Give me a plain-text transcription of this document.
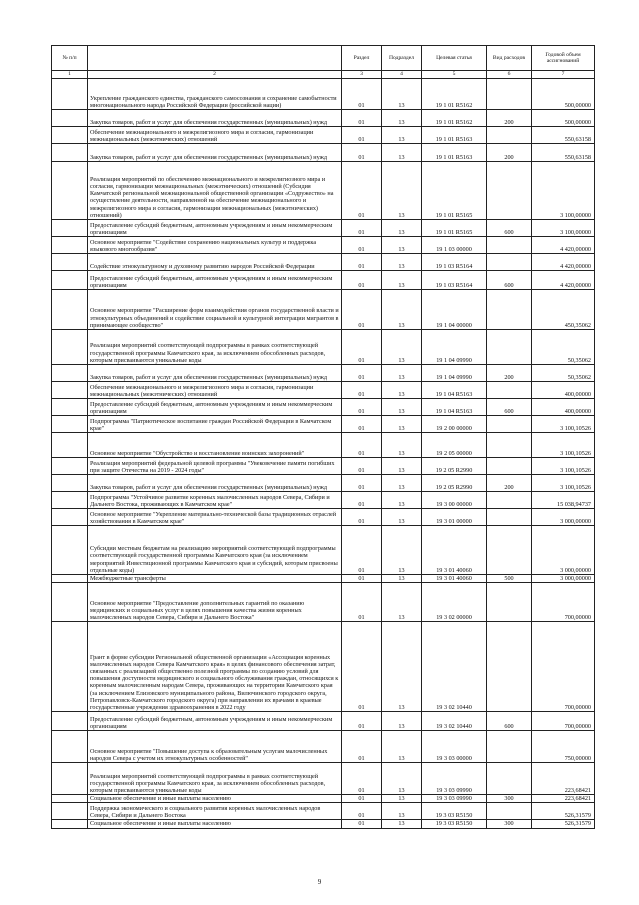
№ п/п		Раздел	Подраздел	Целевая статья	Вид расходов	Годовой объем ассигнований
1	2	3	4	5	6	7
	Укрепление гражданского единства, гражданского самосознания и сохранение самобытности многонационального народа Российской Федерации (российской нации)	01	13	19 1 01 R5162		500,00000
	Закупка товаров, работ и услуг для обеспечения государственных (муниципальных) нужд	01	13	19 1 01 R5162	200	500,00000
	Обеспечение межнационального и межрелигиозного мира и согласия, гармонизации межнациональных (межэтнических) отношений	01	13	19 1 01 R5163		550,63158
	Закупка товаров, работ и услуг для обеспечения государственных (муниципальных) нужд	01	13	19 1 01 R5163	200	550,63158
	Реализация мероприятий по обеспечению межнационального и межрелигиозного мира и согласия, гармонизации межнациональных (межэтнических) отношений (Субсидия Камчатской региональной межнациональной общественной организации «Содружество» на осуществление деятельности, направленной на обеспечение межнационального и межрелигиозного мира и согласия, гармонизации межнациональных (межэтнических) отношений)	01	13	19 1 01 R5165		3 100,00000
	Предоставление субсидий бюджетным, автономным учреждениям и иным некоммерческим организациям	01	13	19 1 01 R5165	600	3 100,00000
	Основное мероприятие "Содействие сохранению национальных культур и поддержка языкового многообразия"	01	13	19 1 03 00000		4 420,00000
	Содействие этнокультурному и духовному развитию народов Российской Федерации	01	13	19 1 03 R5164		4 420,00000
	Предоставление субсидий бюджетным, автономным учреждениям и иным некоммерческим организациям	01	13	19 1 03 R5164	600	4 420,00000
	Основное мероприятие "Расширение форм взаимодействия органов государственной власти и этнокультурных объединений и содействие социальной и культурной интеграции мигрантов в принимающее сообщество"	01	13	19 1 04 00000		450,35062
	Реализация мероприятий соответствующей подпрограммы в рамках соответствующей государственной программы Камчатского края, за исключением обособленных расходов, которым присваиваются уникальные коды	01	13	19 1 04 09990		50,35062
	Закупка товаров, работ и услуг для обеспечения государственных (муниципальных) нужд	01	13	19 1 04 09990	200	50,35062
	Обеспечение межнационального и межрелигиозного мира и согласия, гармонизации межнациональных (межэтнических) отношений	01	13	19 1 04 R5163		400,00000
	Предоставление субсидий бюджетным, автономным учреждениям и иным некоммерческим организациям	01	13	19 1 04 R5163	600	400,00000
	Подпрограмма "Патриотическое воспитание граждан Российской Федерации в Камчатском крае"	01	13	19 2 00 00000		3 100,10526
	Основное мероприятие "Обустройство и восстановление воинских захоронений"	01	13	19 2 05 00000		3 100,10526
	Реализация мероприятий федеральной целевой программы "Увековечение памяти погибших при защите Отечества на 2019 - 2024 годы"	01	13	19 2 05 R2990		3 100,10526
	Закупка товаров, работ и услуг для обеспечения государственных (муниципальных) нужд	01	13	19 2 05 R2990	200	3 100,10526
	Подпрограмма "Устойчивое развитие коренных малочисленных народов Севера, Сибири и Дальнего Востока, проживающих в Камчатском крае"	01	13	19 3 00 00000		15 038,94737
	Основное мероприятие "Укрепление материально-технической базы традиционных отраслей хозяйствования в Камчатском крае"	01	13	19 3 01 00000		3 000,00000
	Субсидии местным бюджетам на реализацию мероприятий соответствующей подпрограммы соответствующей государственной программы Камчатского края (за исключением мероприятий Инвестиционной программы Камчатского края и субсидий, которым присвоены отдельные коды)	01	13	19 3 01 40060		3 000,00000
	Межбюджетные трансферты	01	13	19 3 01 40060	500	3 000,00000
	Основное мероприятие "Предоставление дополнительных гарантий по оказанию медицинских и социальных услуг в целях повышения качества жизни коренных малочисленных народов Севера, Сибири и Дальнего Востока"	01	13	19 3 02 00000		700,00000
	Грант в форме субсидии Региональной общественной организации «Ассоциация коренных малочисленных народов Севера Камчатского края» в целях финансового обеспечения затрат, связанных с реализацией общественно полезной программы по созданию условий для повышения доступности медицинского и социального обслуживания граждан, относящихся к коренным малочисленным народам Севера, проживающих на территории Камчатского края (за исключением Елизовского муниципального района, Вилючинского городского округа, Петропавловск-Камчатского городского округа) при направлении их врачами в краевые государственные учреждения здравоохранения в 2022 году	01	13	19 3 02 10440		700,00000
	Предоставление субсидий бюджетным, автономным учреждениям и иным некоммерческим организациям	01	13	19 3 02 10440	600	700,00000
	Основное мероприятие "Повышение доступа к образовательным услугам малочисленных народов Севера с учетом их этнокультурных особенностей"	01	13	19 3 03 00000		750,00000
	Реализация мероприятий соответствующей подпрограммы в рамках соответствующей государственной программы Камчатского края, за исключением обособленных расходов, которым присваиваются уникальные коды	01	13	19 3 03 09990		223,68421
	Социальное обеспечение и иные выплаты населению	01	13	19 3 03 09990	300	223,68421
	Поддержка экономического и социального развития коренных малочисленных народов Севера, Сибири и Дальнего Востока	01	13	19 3 03 R5150		526,31579
	Социальное обеспечение и иные выплаты населению	01	13	19 3 03 R5150	300	526,31579
9
